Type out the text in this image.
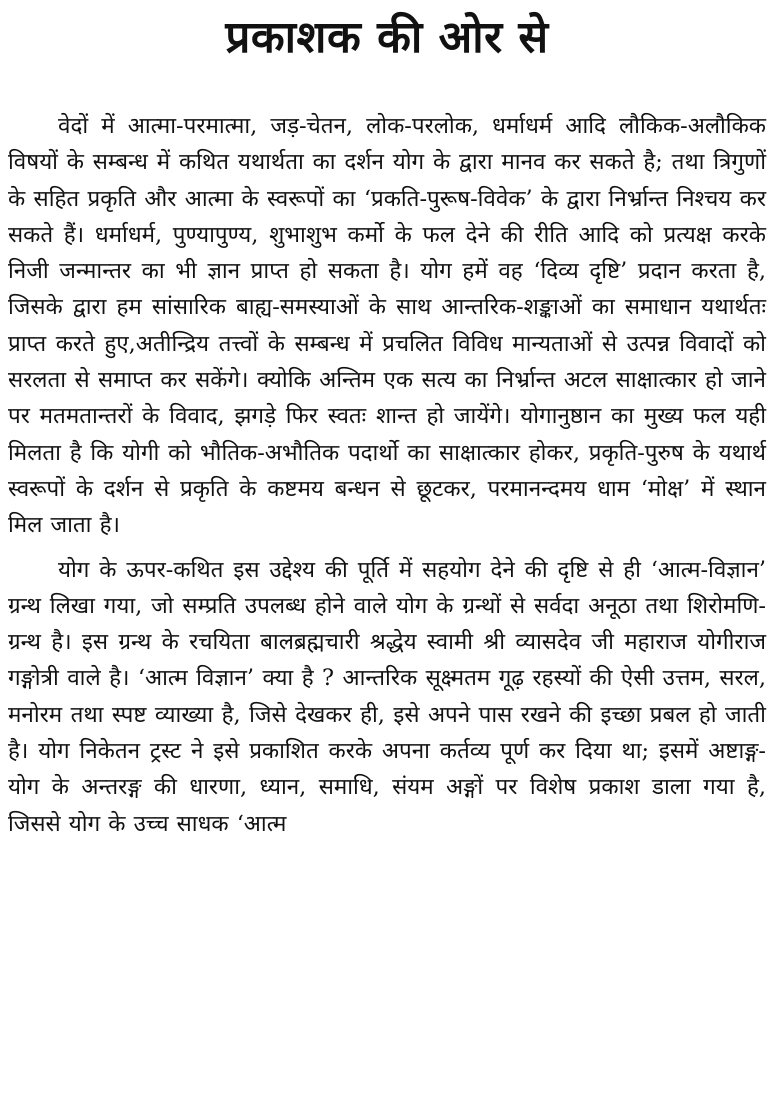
प्रकाशक की ओर से

वेदों में आत्मा-परमात्मा, जड़-चेतन, लोक-परलोक, धर्माधर्म आदि लौकिक-अलौकिक विषयों के सम्बन्ध में कथित यथार्थता का दर्शन योग के द्वारा मानव कर सकते है; तथा त्रिगुणों के सहित प्रकृति और आत्मा के स्वरूपों का ‘प्रकति-पुरूष-विवेक’ के द्वारा निर्भ्रान्त निश्चय कर सकते हैं। धर्माधर्म, पुण्यापुण्य, शुभाशुभ कर्मो के फल देने की रीति आदि को प्रत्यक्ष करके निजी जन्मान्तर का भी ज्ञान प्राप्त हो सकता है। योग हमें वह ‘दिव्य दृष्टि’ प्रदान करता है, जिसके द्वारा हम सांसारिक बाह्य-समस्याओं के साथ आन्तरिक-शङ्काओं का समाधान यथार्थतः प्राप्त करते हुए,अतीन्द्रिय तत्त्वों के सम्बन्ध में प्रचलित विविध मान्यताओं से उत्पन्न विवादों को सरलता से समाप्त कर सकेंगे। क्योकि अन्तिम एक सत्य का निर्भ्रान्त अटल साक्षात्कार हो जाने पर मतमतान्तरों के विवाद, झगड़े फिर स्वतः शान्त हो जायेंगे। योगानुष्ठान का मुख्य फल यही मिलता है कि योगी को भौतिक-अभौतिक पदार्थो का साक्षात्कार होकर, प्रकृति-पुरुष के यथार्थ स्वरूपों के दर्शन से प्रकृति के कष्टमय बन्धन से छूटकर, परमानन्दमय धाम ‘मोक्ष’ में स्थान मिल जाता है।

योग के ऊपर-कथित इस उद्देश्य की पूर्ति में सहयोग देने की दृष्टि से ही ‘आत्म-विज्ञान’ ग्रन्थ लिखा गया, जो सम्प्रति उपलब्ध होने वाले योग के ग्रन्थों से सर्वदा अनूठा तथा शिरोमणि-ग्रन्थ है। इस ग्रन्थ के रचयिता बालब्रह्मचारी श्रद्धेय स्वामी श्री व्यासदेव जी महाराज योगीराज गङ्गोत्री वाले है। ‘आत्म विज्ञान’ क्या है ? आन्तरिक सूक्ष्मतम गूढ़ रहस्यों की ऐसी उत्तम, सरल, मनोरम तथा स्पष्ट व्याख्या है, जिसे देखकर ही, इसे अपने पास रखने की इच्छा प्रबल हो जाती है। योग निकेतन ट्रस्ट ने इसे प्रकाशित करके अपना कर्तव्य पूर्ण कर दिया था; इसमें अष्टाङ्ग-योग के अन्तरङ्ग की धारणा, ध्यान, समाधि, संयम अङ्गों पर विशेष प्रकाश डाला गया है, जिससे योग के उच्च साधक ‘आत्म
